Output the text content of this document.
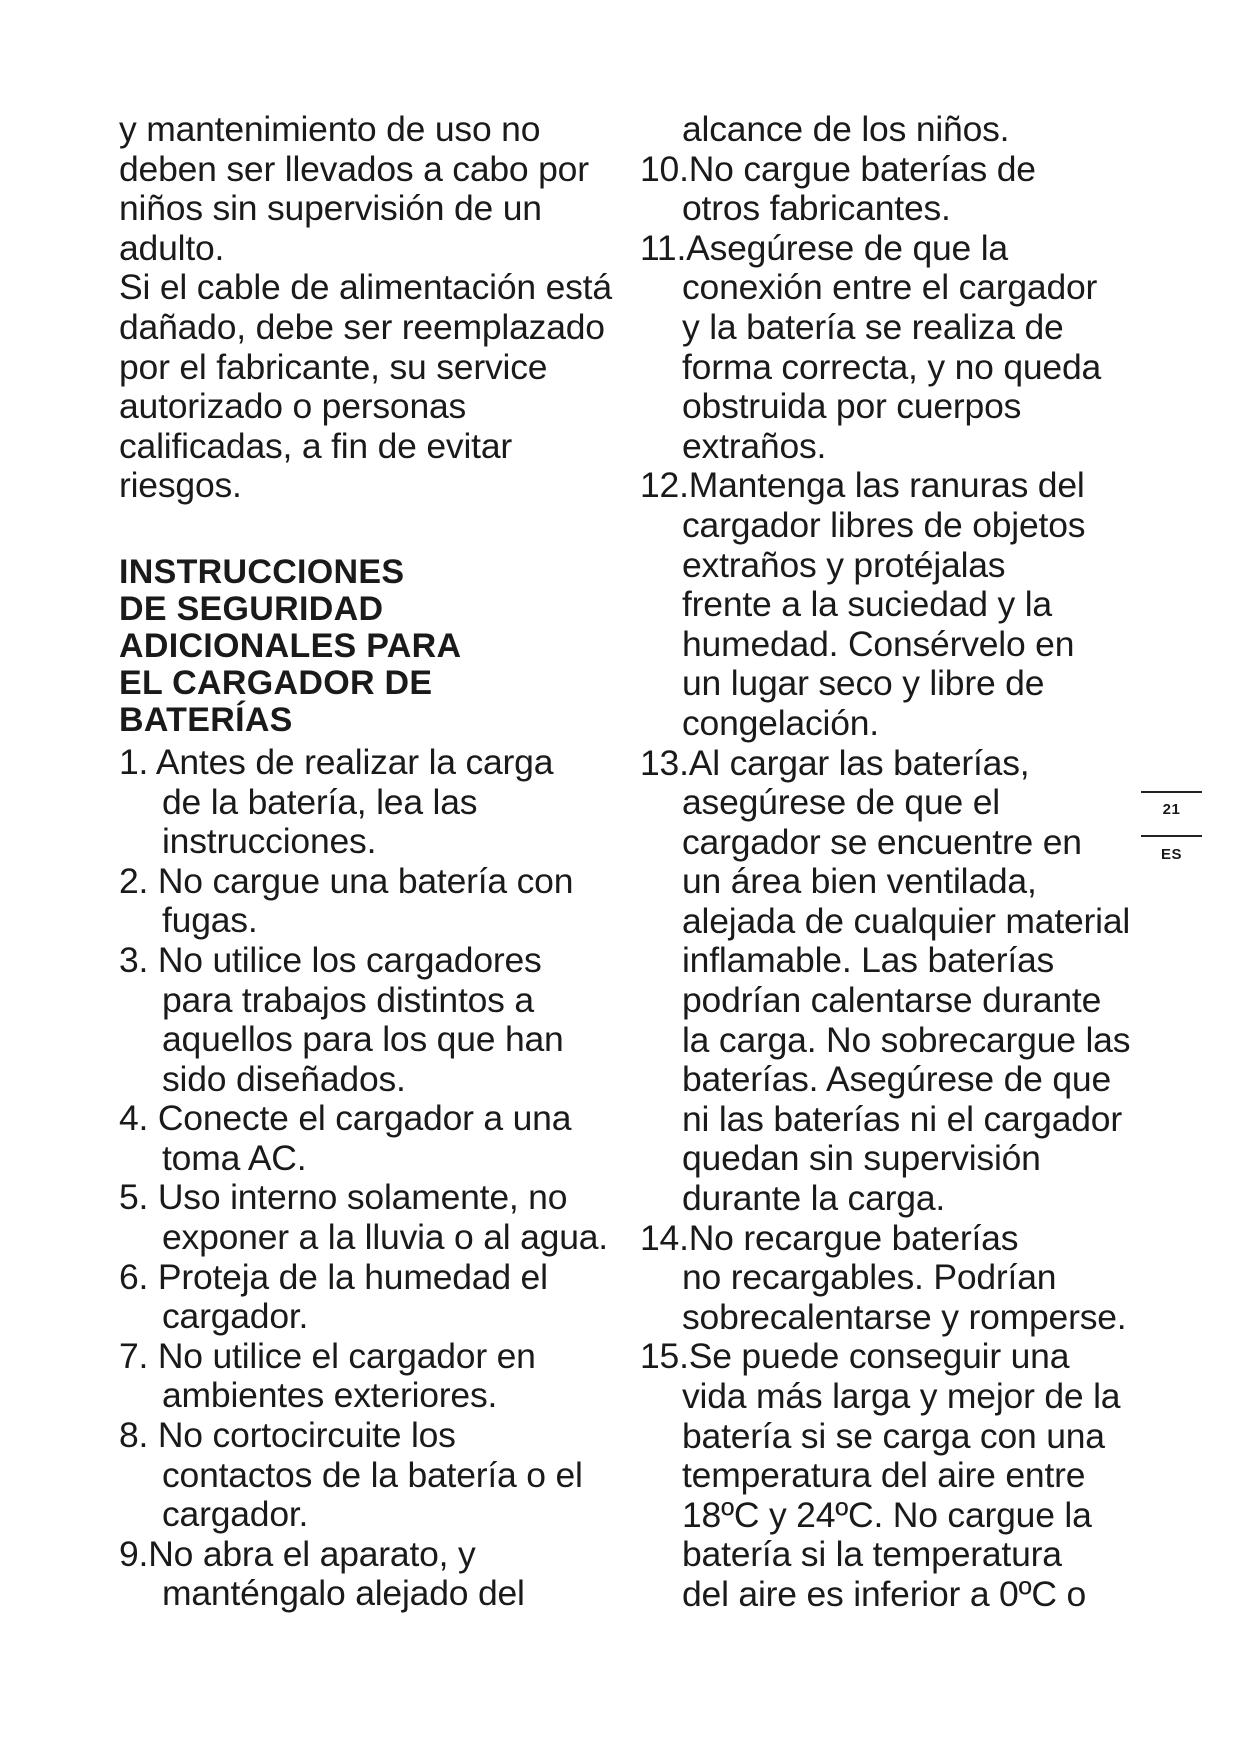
y mantenimiento de uso no
deben ser llevados a cabo por
niños sin supervisión de un
adulto.
Si el cable de alimentación está
dañado, debe ser reemplazado
por el fabricante, su service
autorizado o personas
calificadas, a fin de evitar
riesgos.
INSTRUCCIONES
DE SEGURIDAD
ADICIONALES PARA
EL CARGADOR DE
BATERÍAS
1. Antes de realizar la carga
de la batería, lea las
instrucciones.
2. No cargue una batería con
fugas.
3. No utilice los cargadores
para trabajos distintos a
aquellos para los que han
sido diseñados.
4. Conecte el cargador a una
toma AC.
5. Uso interno solamente, no
exponer a la lluvia o al agua.
6. Proteja de la humedad el
cargador.
7. No utilice el cargador en
ambientes exteriores.
8. No cortocircuite los
contactos de la batería o el
cargador.
9.No abra el aparato, y
manténgalo alejado del
alcance de los niños.
10.No cargue baterías de
otros fabricantes.
11.Asegúrese de que la
conexión entre el cargador
y la batería se realiza de
forma correcta, y no queda
obstruida por cuerpos
extraños.
12.Mantenga las ranuras del
cargador libres de objetos
extraños y protéjalas
frente a la suciedad y la
humedad. Consérvelo en
un lugar seco y libre de
congelación.
13.Al cargar las baterías,
asegúrese de que el
cargador se encuentre en
un área bien ventilada,
alejada de cualquier material
inflamable. Las baterías
podrían calentarse durante
la carga. No sobrecargue las
baterías. Asegúrese de que
ni las baterías ni el cargador
quedan sin supervisión
durante la carga.
14.No recargue baterías
no recargables. Podrían
sobrecalentarse y romperse.
15.Se puede conseguir una
vida más larga y mejor de la
batería si se carga con una
temperatura del aire entre
18ºC y 24ºC. No cargue la
batería si la temperatura
del aire es inferior a 0ºC o
21
ES
